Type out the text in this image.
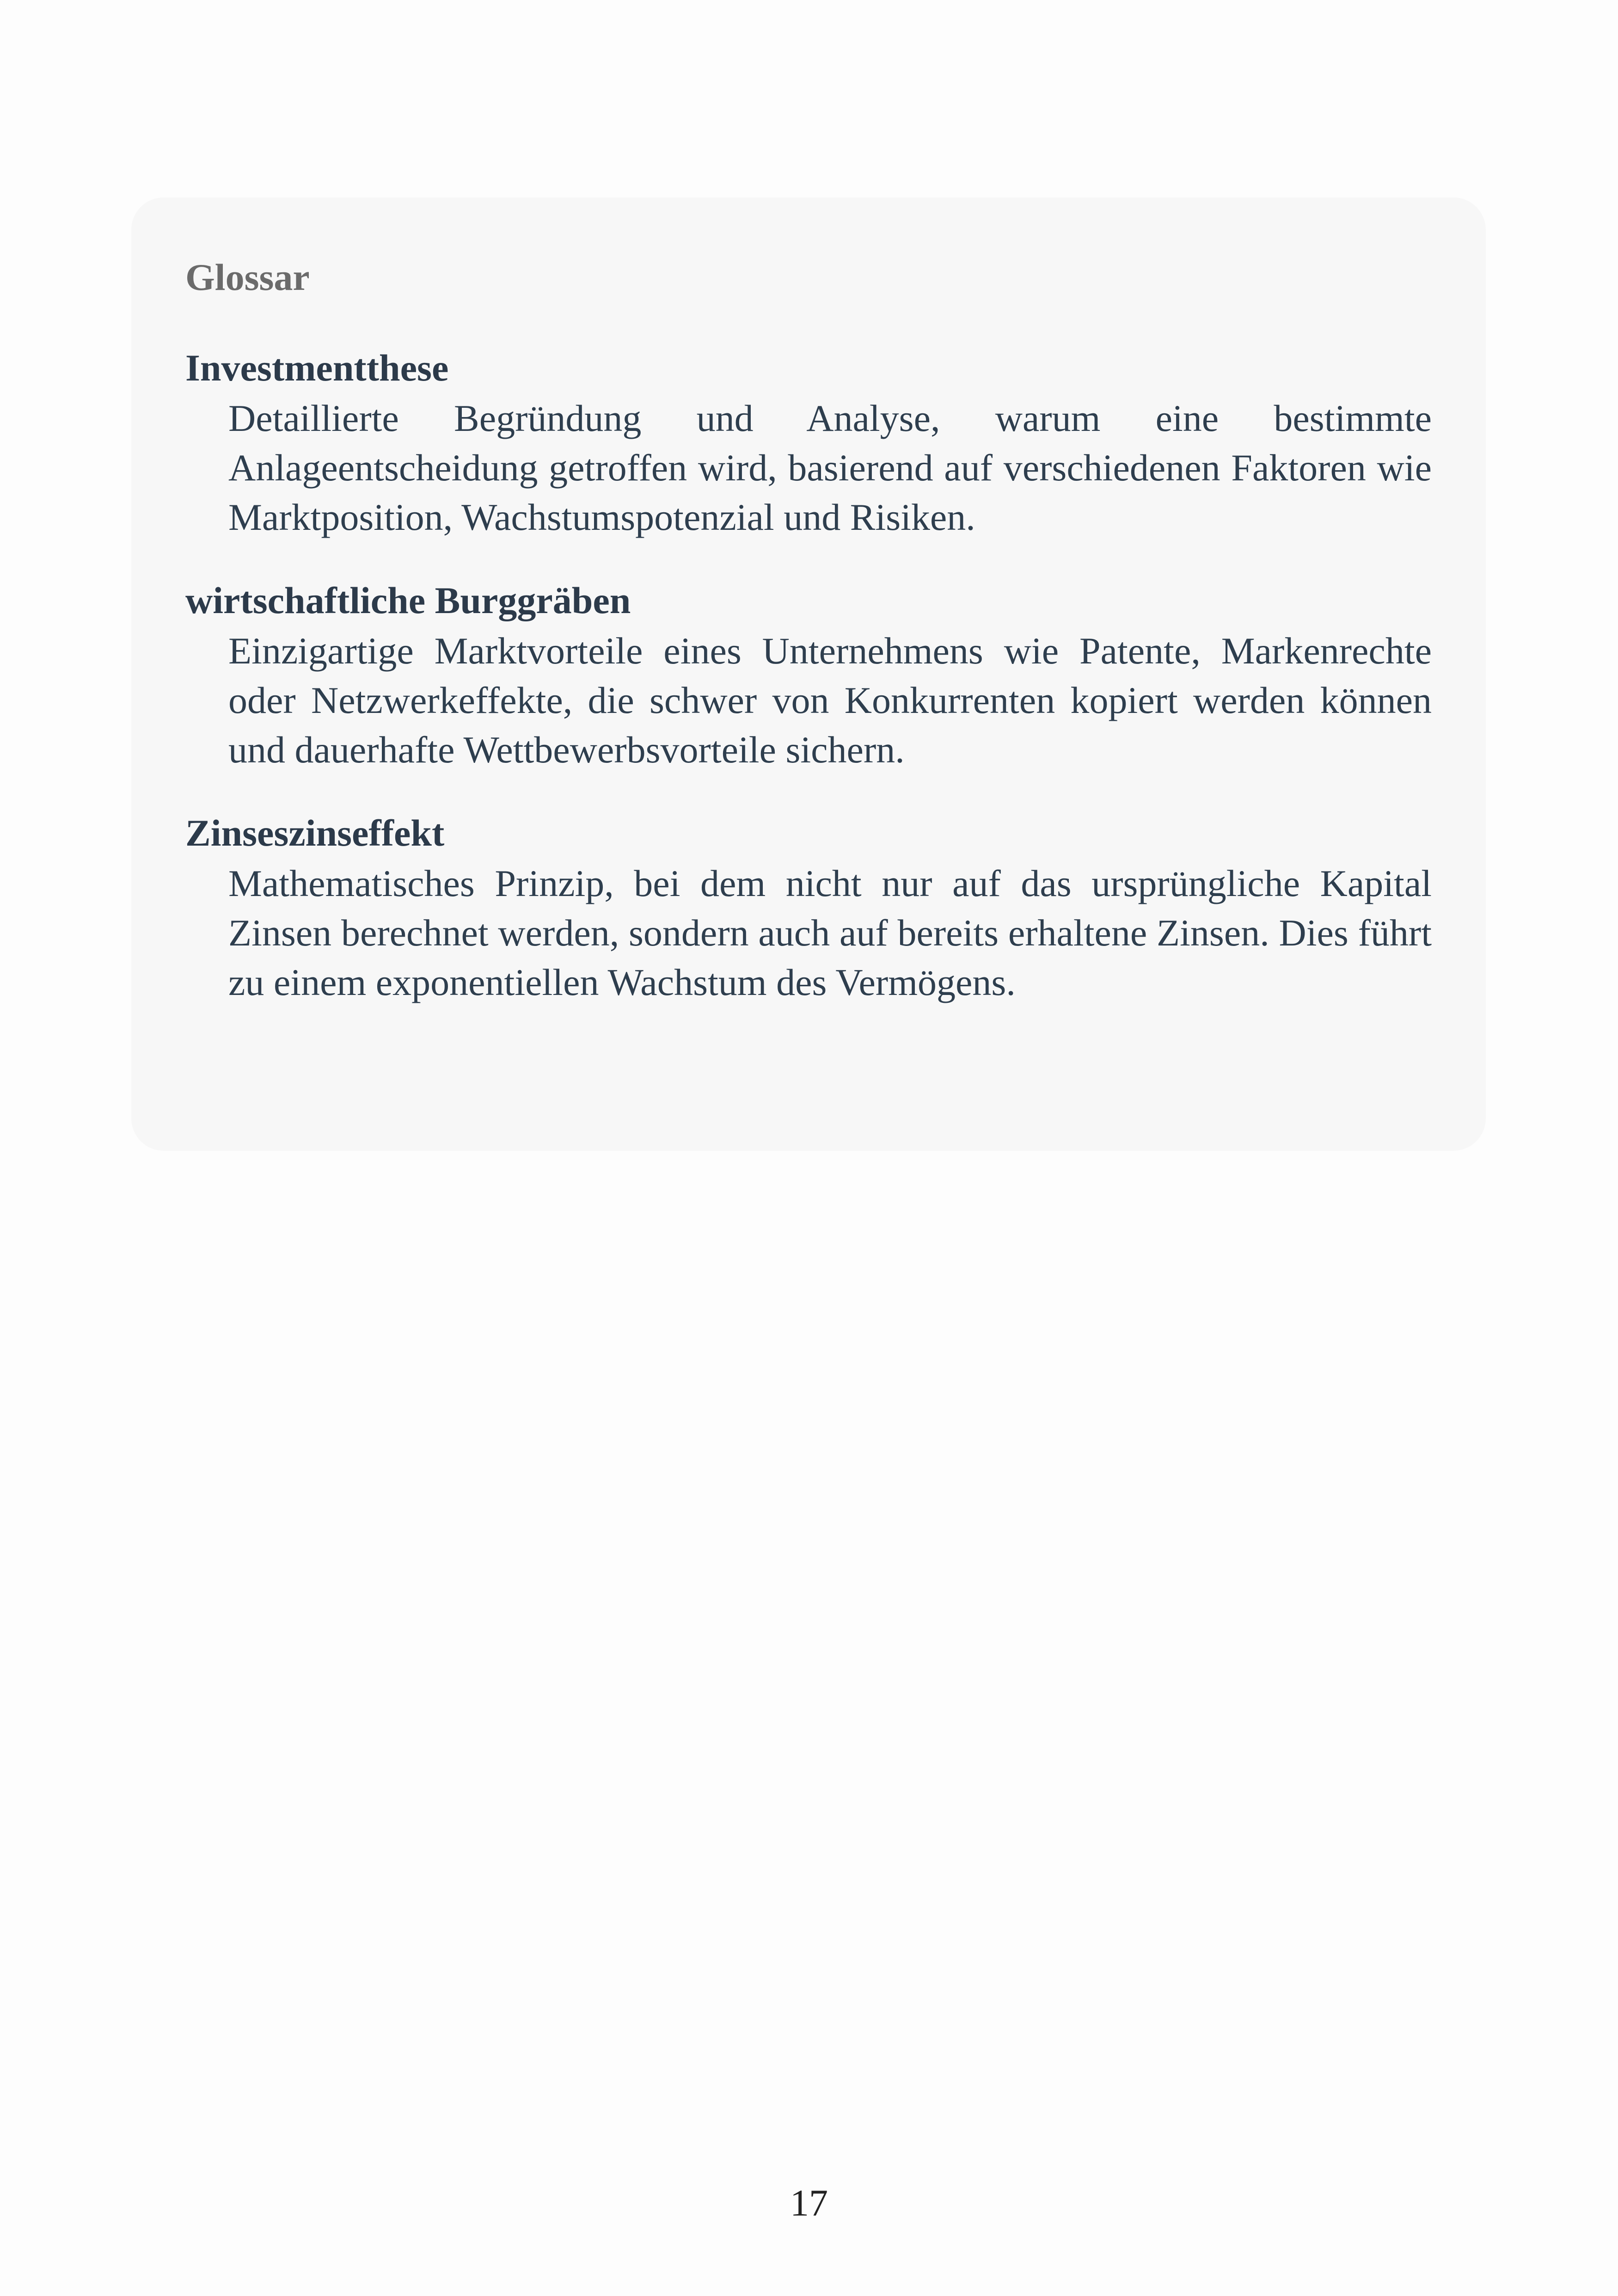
Glossar
Investmentthese
Detaillierte Begründung und Analyse, warum eine bestimmte Anlageentscheidung getroffen wird, basierend auf verschiedenen Faktoren wie Marktposition, Wachstumspotenzial und Risiken.
wirtschaftliche Burggräben
Einzigartige Marktvorteile eines Unternehmens wie Patente, Markenrechte oder Netzwerkeffekte, die schwer von Konkurrenten kopiert werden können und dauerhafte Wettbewerbsvorteile sichern.
Zinseszinseffekt
Mathematisches Prinzip, bei dem nicht nur auf das ursprüngliche Kapital Zinsen berechnet werden, sondern auch auf bereits erhaltene Zinsen. Dies führt zu einem exponentiellen Wachstum des Vermögens.
17
